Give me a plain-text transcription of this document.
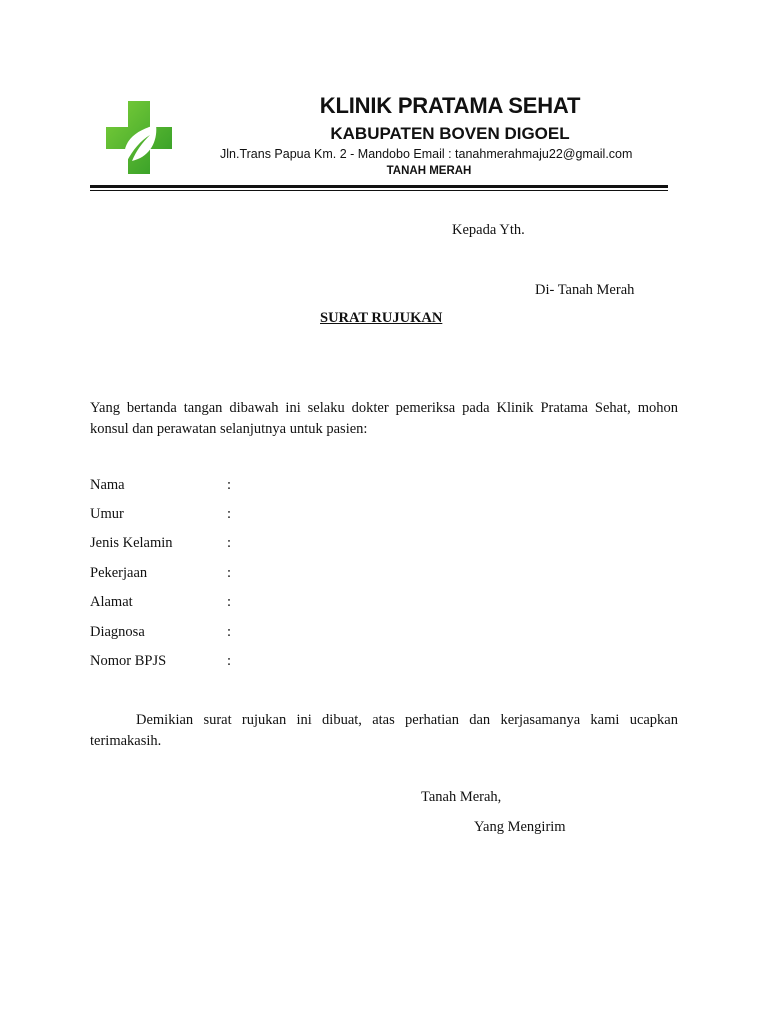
KLINIK PRATAMA SEHAT
KABUPATEN BOVEN DIGOEL
Jln.Trans Papua Km. 2 - Mandobo Email : tanahmerahmaju22@gmail.com
TANAH MERAH
Kepada Yth.
Di- Tanah Merah
SURAT RUJUKAN
Yang bertanda tangan dibawah ini selaku dokter pemeriksa pada Klinik Pratama Sehat, mohon konsul dan perawatan selanjutnya untuk pasien:
Nama	:
Umur	:
Jenis Kelamin	:
Pekerjaan	:
Alamat	:
Diagnosa	:
Nomor BPJS	:
Demikian surat rujukan ini dibuat, atas perhatian dan kerjasamanya kami ucapkan terimakasih.
Tanah Merah,
Yang Mengirim
